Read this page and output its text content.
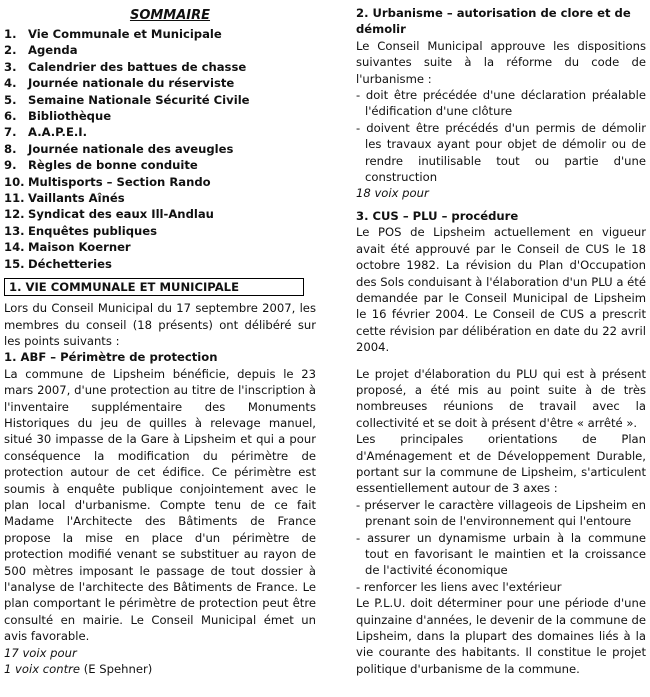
SOMMAIRE
1. Vie Communale et Municipale
2. Agenda
3. Calendrier des battues de chasse
4. Journée nationale du réserviste
5. Semaine Nationale Sécurité Civile
6. Bibliothèque
7. A.A.P.E.I.
8. Journée nationale des aveugles
9. Règles de bonne conduite
10. Multisports – Section Rando
11. Vaillants Aînés
12. Syndicat des eaux Ill-Andlau
13. Enquêtes publiques
14. Maison Koerner
15. Déchetteries
1. VIE COMMUNALE ET MUNICIPALE

Lors du Conseil Municipal du 17 septembre 2007, les membres du conseil (18 présents) ont délibéré sur les points suivants :

1. ABF – Périmètre de protection

La commune de Lipsheim bénéficie, depuis le 23 mars 2007, d'une protection au titre de l'inscription à l'inventaire supplémentaire des Monuments Historiques du jeu de quilles à relevage manuel, situé 30 impasse de la Gare à Lipsheim et qui a pour conséquence la modification du périmètre de protection autour de cet édifice. Ce périmètre est soumis à enquête publique conjointement avec le plan local d'urbanisme. Compte tenu de ce fait Madame l'Architecte des Bâtiments de France propose la mise en place d'un périmètre de protection modifié venant se substituer au rayon de 500 mètres imposant le passage de tout dossier à l'analyse de l'architecte des Bâtiments de France. Le plan comportant le périmètre de protection peut être consulté en mairie. Le Conseil Municipal émet un avis favorable.

17 voix pour

1 voix contre (E Spehner)

2. Urbanisme – autorisation de clore et de démolir

Le Conseil Municipal approuve les dispositions suivantes suite à la réforme du code de l'urbanisme :

- doit être précédée d'une déclaration préalable l'édification d'une clôture

- doivent être précédés d'un permis de démolir les travaux ayant pour objet de démolir ou de rendre inutilisable tout ou partie d'une construction

18 voix pour

3. CUS – PLU – procédure

Le POS de Lipsheim actuellement en vigueur avait été approuvé par le Conseil de CUS le 18 octobre 1982. La révision du Plan d'Occupation des Sols conduisant à l'élaboration d'un PLU a été demandée par le Conseil Municipal de Lipsheim le 16 février 2004. Le Conseil de CUS a prescrit cette révision par délibération en date du 22 avril 2004.

Le projet d'élaboration du PLU qui est à présent proposé, a été mis au point suite à de très nombreuses réunions de travail avec la collectivité et se doit à présent d'être « arrêté ».

Les principales orientations de Plan d'Aménagement et de Développement Durable, portant sur la commune de Lipsheim, s'articulent essentiellement autour de 3 axes :

- préserver le caractère villageois de Lipsheim en prenant soin de l'environnement qui l'entoure

- assurer un dynamisme urbain à la commune tout en favorisant le maintien et la croissance de l'activité économique

- renforcer les liens avec l'extérieur

Le P.L.U. doit déterminer pour une période d'une quinzaine d'années, le devenir de la commune de Lipsheim, dans la plupart des domaines liés à la vie courante des habitants. Il constitue le projet politique d'urbanisme de la commune.
